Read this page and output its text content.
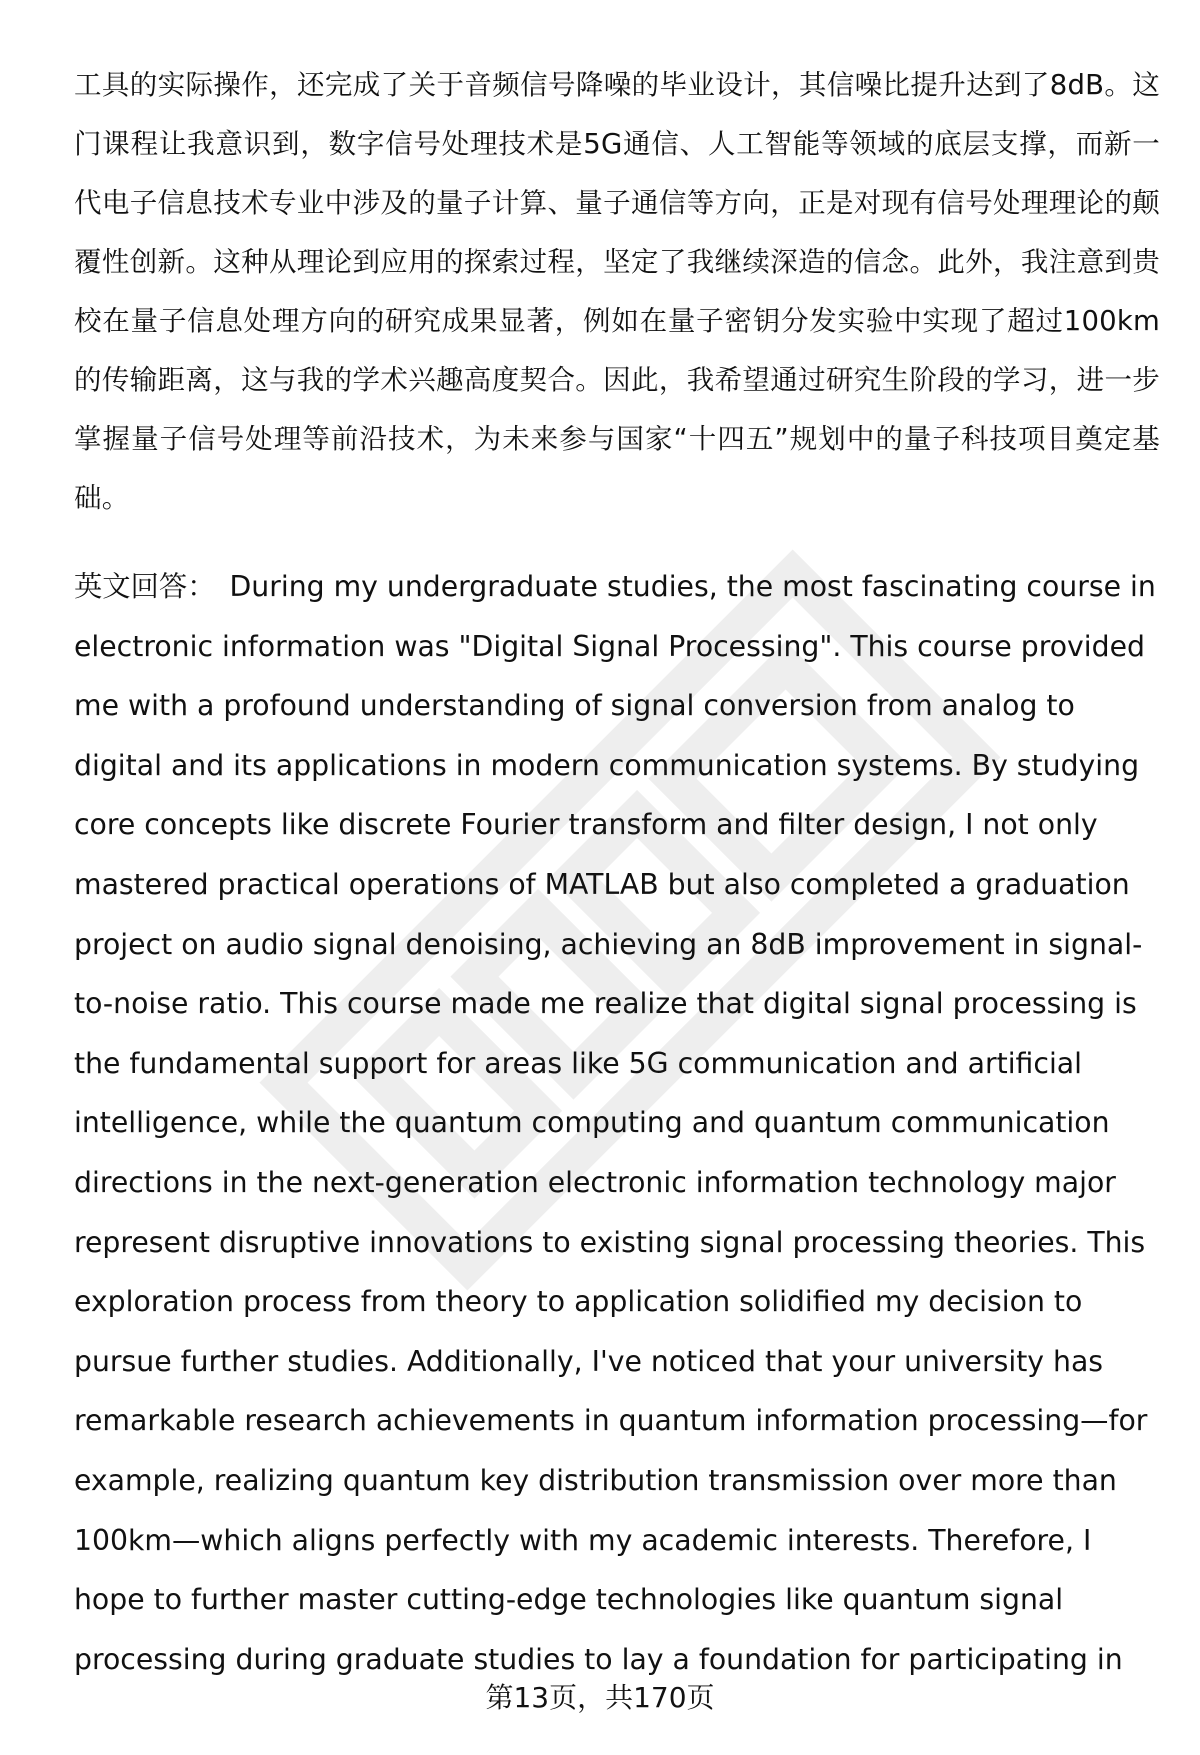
工具的实际操作，还完成了关于音频信号降噪的毕业设计，其信噪比提升达到了8dB。这门课程让我意识到，数字信号处理技术是5G通信、人工智能等领域的底层支撑，而新一代电子信息技术专业中涉及的量子计算、量子通信等方向，正是对现有信号处理理论的颠覆性创新。这种从理论到应用的探索过程，坚定了我继续深造的信念。此外，我注意到贵校在量子信息处理方向的研究成果显著，例如在量子密钥分发实验中实现了超过100km的传输距离，这与我的学术兴趣高度契合。因此，我希望通过研究生阶段的学习，进一步掌握量子信号处理等前沿技术，为未来参与国家“十四五”规划中的量子科技项目奠定基础。

英文回答： During my undergraduate studies, the most fascinating course in electronic information was "Digital Signal Processing". This course provided me with a profound understanding of signal conversion from analog to digital and its applications in modern communication systems. By studying core concepts like discrete Fourier transform and filter design, I not only mastered practical operations of MATLAB but also completed a graduation project on audio signal denoising, achieving an 8dB improvement in signal-to-noise ratio. This course made me realize that digital signal processing is the fundamental support for areas like 5G communication and artificial intelligence, while the quantum computing and quantum communication directions in the next-generation electronic information technology major represent disruptive innovations to existing signal processing theories. This exploration process from theory to application solidified my decision to pursue further studies. Additionally, I've noticed that your university has remarkable research achievements in quantum information processing—for example, realizing quantum key distribution transmission over more than 100km—which aligns perfectly with my academic interests. Therefore, I hope to further master cutting-edge technologies like quantum signal processing during graduate studies to lay a foundation for participating in

第13页，共170页
